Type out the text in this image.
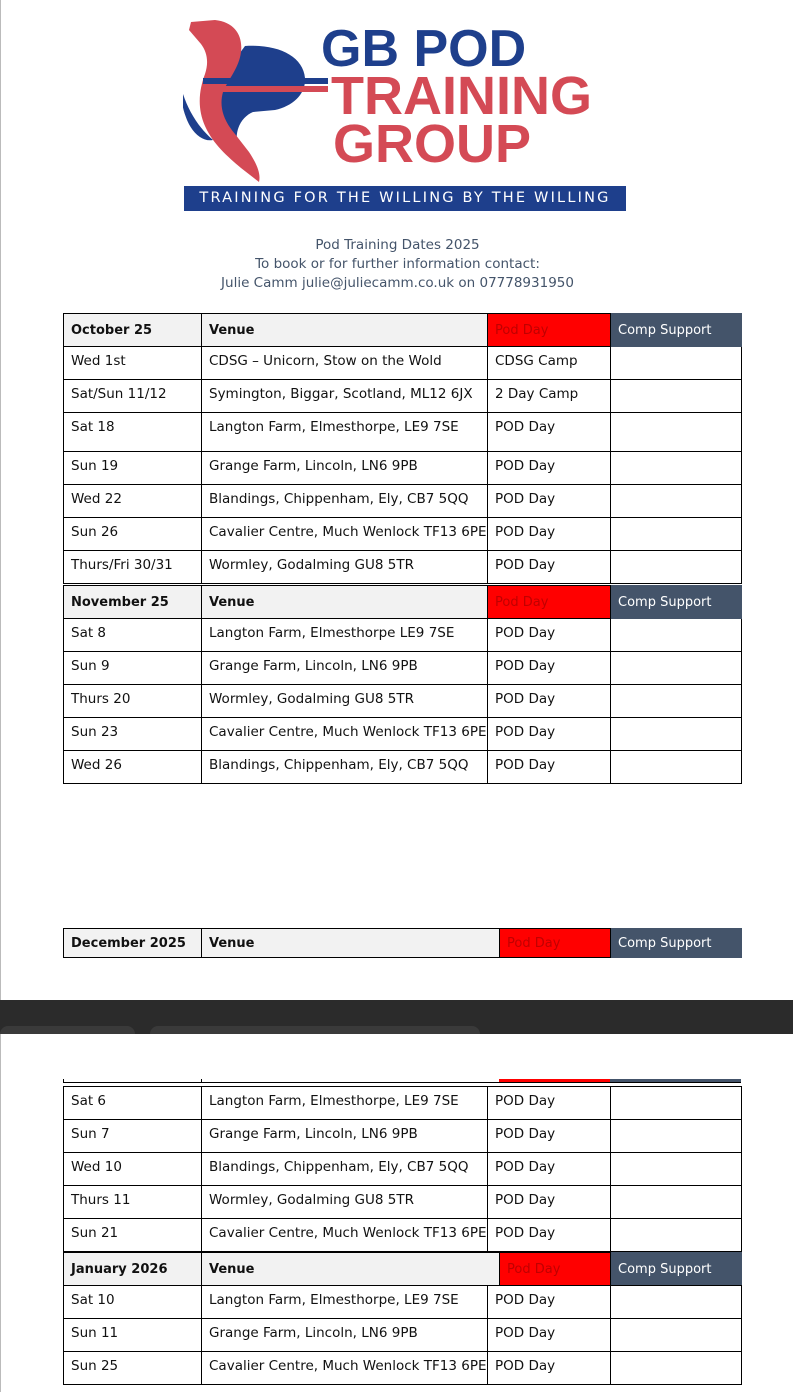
GB POD
TRAINING
GROUP
TRAINING FOR THE WILLING BY THE WILLING
Pod Training Dates 2025
To book or for further information contact:
Julie Camm julie@juliecamm.co.uk on 07778931950
October 25	Venue	Pod Day	Comp Support
Wed 1st	CDSG – Unicorn, Stow on the Wold	CDSG Camp	
Sat/Sun 11/12	Symington, Biggar, Scotland, ML12 6JX	2 Day Camp	
Sat 18	Langton Farm, Elmesthorpe, LE9 7SE	POD Day	
Sun 19	Grange Farm, Lincoln, LN6 9PB	POD Day	
Wed 22	Blandings, Chippenham, Ely, CB7 5QQ	POD Day	
Sun 26	Cavalier Centre, Much Wenlock TF13 6PE	POD Day	
Thurs/Fri 30/31	Wormley, Godalming GU8 5TR	POD Day	
November 25	Venue	Pod Day	Comp Support
Sat 8	Langton Farm, Elmesthorpe LE9 7SE	POD Day	
Sun 9	Grange Farm, Lincoln, LN6 9PB	POD Day	
Thurs 20	Wormley, Godalming GU8 5TR	POD Day	
Sun 23	Cavalier Centre, Much Wenlock TF13 6PE	POD Day	
Wed 26	Blandings, Chippenham, Ely, CB7 5QQ	POD Day	
December 2025	Venue	Pod Day	Comp Support
Sat 6	Langton Farm, Elmesthorpe, LE9 7SE	POD Day	
Sun 7	Grange Farm, Lincoln, LN6 9PB	POD Day	
Wed 10	Blandings, Chippenham, Ely, CB7 5QQ	POD Day	
Thurs 11	Wormley, Godalming GU8 5TR	POD Day	
Sun 21	Cavalier Centre, Much Wenlock TF13 6PE	POD Day	
January 2026	Venue	Pod Day	Comp Support
Sat 10	Langton Farm, Elmesthorpe, LE9 7SE	POD Day	
Sun 11	Grange Farm, Lincoln, LN6 9PB	POD Day	
Sun 25	Cavalier Centre, Much Wenlock TF13 6PE	POD Day	
